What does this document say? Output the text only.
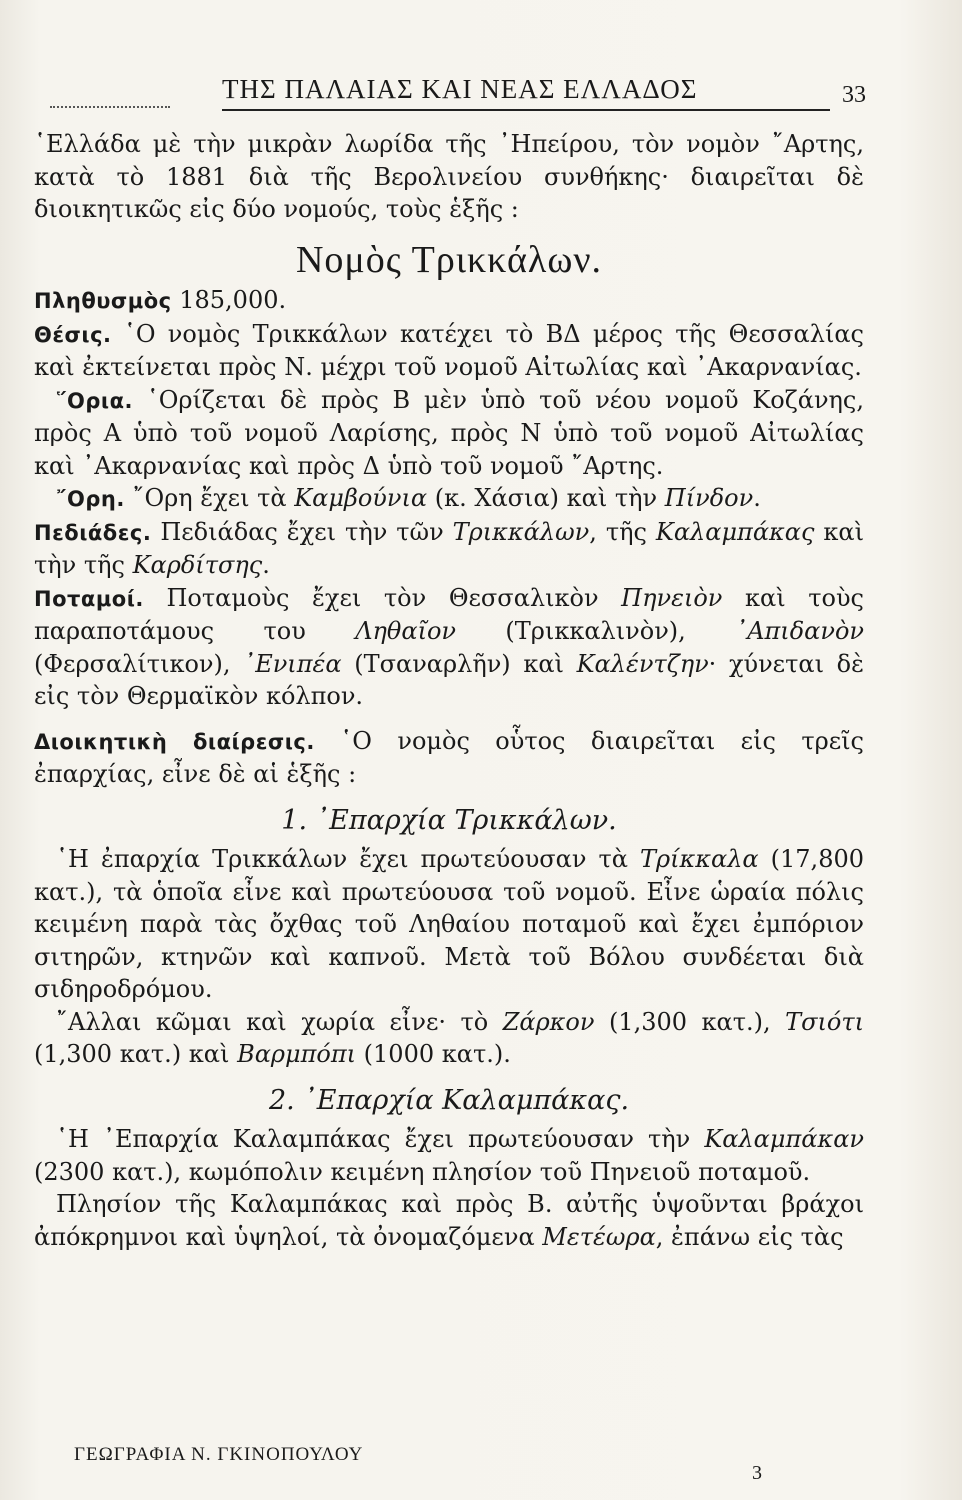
ΤΗΣ ΠΑΛΑΙΑΣ ΚΑΙ ΝΕΑΣ ΕΛΛΑΔΟΣ	33

῾Ελλάδα μὲ τὴν μικρὰν λωρίδα τῆς ᾿Ηπείρου, τὸν νομὸν ῎Αρτης, κατὰ τὸ 1881 διὰ τῆς Βερολινείου συνθήκης· διαιρεῖται δὲ διοικητικῶς εἰς δύο νομούς, τοὺς ἑξῆς :

Νομὸς Τρικκάλων.

Πληθυσμὸς 185,000.

Θέσις. ῾Ο νομὸς Τρικκάλων κατέχει τὸ ΒΔ μέρος τῆς Θεσσαλίας καὶ ἐκτείνεται πρὸς Ν. μέχρι τοῦ νομοῦ Αἰτωλίας καὶ ᾿Ακαρνανίας.

῞Ορια. ῾Ορίζεται δὲ πρὸς Β μὲν ὑπὸ τοῦ νέου νομοῦ Κοζάνης, πρὸς Α ὑπὸ τοῦ νομοῦ Λαρίσης, πρὸς Ν ὑπὸ τοῦ νομοῦ Αἰτωλίας καὶ ᾿Ακαρνανίας καὶ πρὸς Δ ὑπὸ τοῦ νομοῦ ῎Αρτης.

῎Ορη. ῎Ορη ἔχει τὰ Καμβούνια (κ. Χάσια) καὶ τὴν Πίνδον.

Πεδιάδες. Πεδιάδας ἔχει τὴν τῶν Τρικκάλων, τῆς Καλαμπάκας καὶ τὴν τῆς Καρδίτσης.

Ποταμοί. Ποταμοὺς ἔχει τὸν Θεσσαλικὸν Πηνειὸν καὶ τοὺς παραποτάμους του Ληθαῖον (Τρικκαλινὸν), ᾿Απιδανὸν (Φερσαλίτικον), ᾿Ενιπέα (Τσαναρλῆν) καὶ Καλέντζην· χύνεται δὲ εἰς τὸν Θερμαϊκὸν κόλπον.

Διοικητικὴ διαίρεσις. ῾Ο νομὸς οὗτος διαιρεῖται εἰς τρεῖς ἐπαρχίας, εἶνε δὲ αἱ ἑξῆς :

1. ᾿Επαρχία Τρικκάλων.

῾Η ἐπαρχία Τρικκάλων ἔχει πρωτεύουσαν τὰ Τρίκκαλα (17,800 κατ.), τὰ ὁποῖα εἶνε καὶ πρωτεύουσα τοῦ νομοῦ. Εἶνε ὡραία πόλις κειμένη παρὰ τὰς ὄχθας τοῦ Ληθαίου ποταμοῦ καὶ ἔχει ἐμπόριον σιτηρῶν, κτηνῶν καὶ καπνοῦ. Μετὰ τοῦ Βόλου συνδέεται διὰ σιδηροδρόμου.

῎Αλλαι κῶμαι καὶ χωρία εἶνε· τὸ Ζάρκον (1,300 κατ.), Τσιότι (1,300 κατ.) καὶ Βαρμπόπι (1000 κατ.).

2. ᾿Επαρχία Καλαμπάκας.

῾Η ᾿Επαρχία Καλαμπάκας ἔχει πρωτεύουσαν τὴν Καλαμπάκαν (2300 κατ.), κωμόπολιν κειμένη πλησίον τοῦ Πηνειοῦ ποταμοῦ.

Πλησίον τῆς Καλαμπάκας καὶ πρὸς Β. αὐτῆς ὑψοῦνται βράχοι ἀπόκρημνοι καὶ ὑψηλοί, τὰ ὀνομαζόμενα Μετέωρα, ἐπάνω εἰς τὰς

ΓΕΩΓΡΑΦΙΑ Ν. ΓΚΙΝΟΠΟΥΛΟΥ
3
